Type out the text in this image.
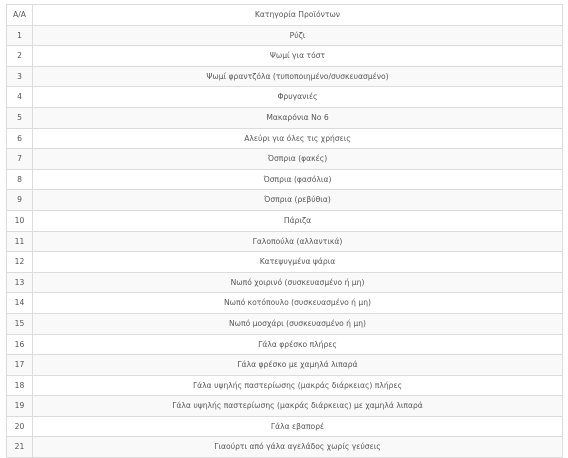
A/A	Κατηγορία Προϊόντων
1	Ρύζι
2	Ψωμί για τόστ
3	Ψωμί φραντζόλα (τυποποιημένο/συσκευασμένο)
4	Φρυγανιές
5	Μακαρόνια Νο 6
6	Αλεύρι για όλες τις χρήσεις
7	Όσπρια (φακές)
8	Όσπρια (φασόλια)
9	Όσπρια (ρεβύθια)
10	Πάριζα
11	Γαλοπούλα (αλλαντικά)
12	Κατεψυγμένα ψάρια
13	Νωπό χοιρινό (συσκευασμένο ή μη)
14	Νωπό κοτόπουλο (συσκευασμένο ή μη)
15	Νωπό μοσχάρι (συσκευασμένο ή μη)
16	Γάλα φρέσκο πλήρες
17	Γάλα φρέσκο με χαμηλά λιπαρά
18	Γάλα υψηλής παστερίωσης (μακράς διάρκειας) πλήρες
19	Γάλα υψηλής παστερίωσης (μακράς διάρκειας) με χαμηλά λιπαρά
20	Γάλα εβαπορέ
21	Γιαούρτι από γάλα αγελάδος χωρίς γεύσεις
